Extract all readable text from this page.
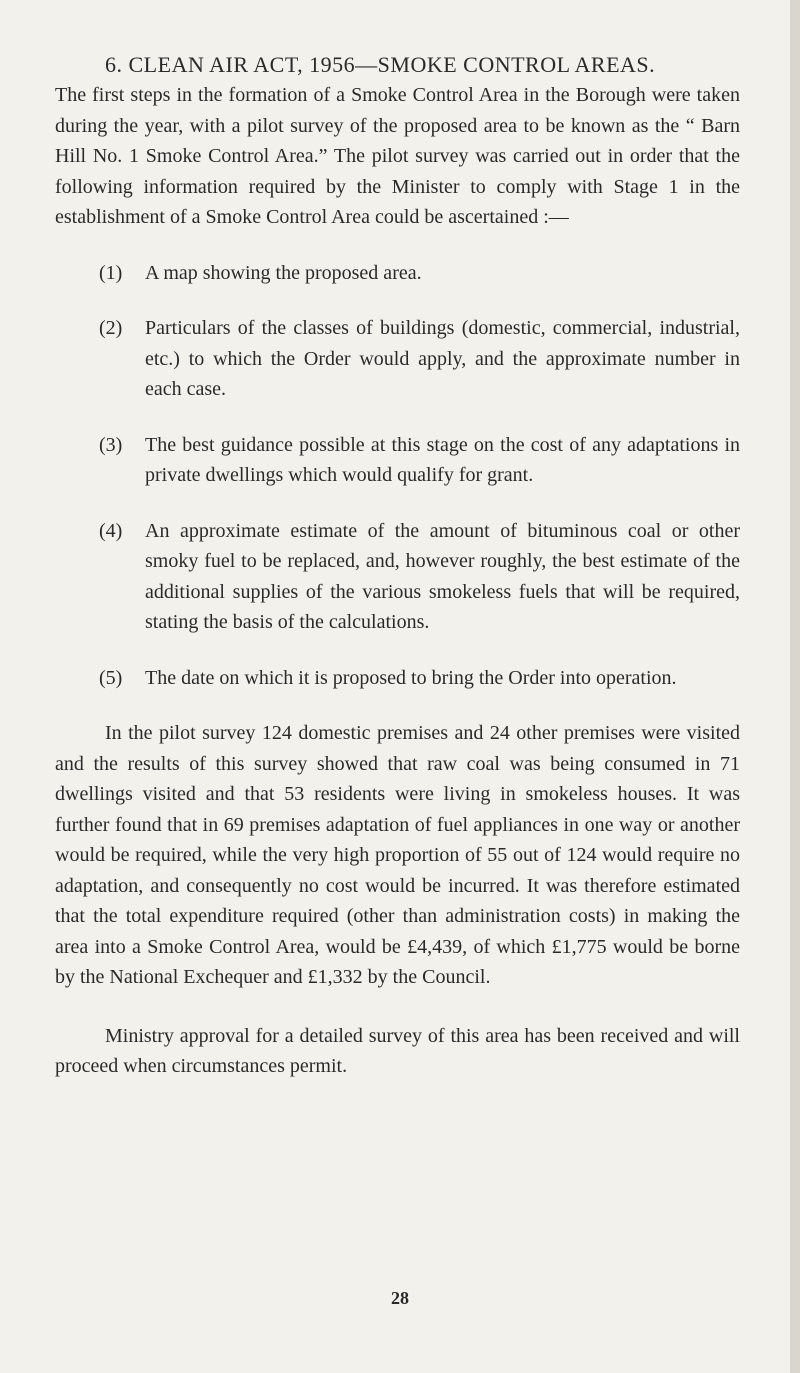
6. CLEAN AIR ACT, 1956—SMOKE CONTROL AREAS.

The first steps in the formation of a Smoke Control Area in the Borough were taken during the year, with a pilot survey of the proposed area to be known as the “ Barn Hill No. 1 Smoke Control Area.” The pilot survey was carried out in order that the following information required by the Minister to comply with Stage 1 in the establishment of a Smoke Control Area could be ascertained :—

(1) A map showing the proposed area.
(2) Particulars of the classes of buildings (domestic, commercial, industrial, etc.) to which the Order would apply, and the approximate number in each case.
(3) The best guidance possible at this stage on the cost of any adaptations in private dwellings which would qualify for grant.
(4) An approximate estimate of the amount of bituminous coal or other smoky fuel to be replaced, and, however roughly, the best estimate of the additional supplies of the various smokeless fuels that will be required, stating the basis of the calculations.
(5) The date on which it is proposed to bring the Order into operation.

In the pilot survey 124 domestic premises and 24 other premises were visited and the results of this survey showed that raw coal was being consumed in 71 dwellings visited and that 53 residents were living in smokeless houses. It was further found that in 69 premises adaptation of fuel appliances in one way or another would be required, while the very high proportion of 55 out of 124 would require no adaptation, and consequently no cost would be incurred. It was therefore estimated that the total expenditure required (other than administration costs) in making the area into a Smoke Control Area, would be £4,439, of which £1,775 would be borne by the National Exchequer and £1,332 by the Council.

Ministry approval for a detailed survey of this area has been received and will proceed when circumstances permit.

28
